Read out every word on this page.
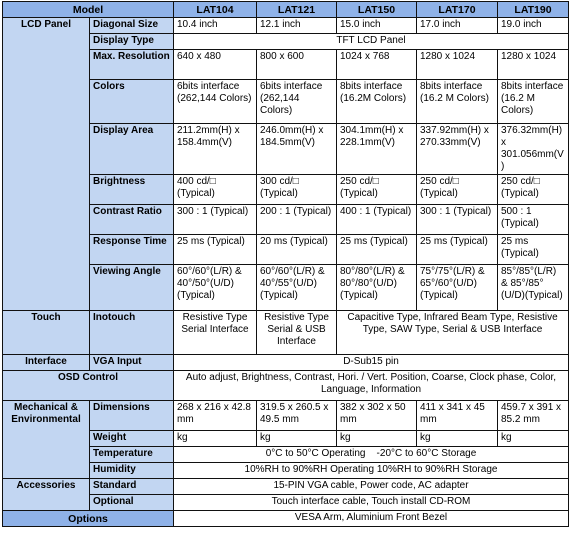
Model		LAT104	LAT121	LAT150	LAT170	LAT190
LCD Panel	Diagonal Size	10.4 inch	12.1 inch	15.0 inch	17.0 inch	19.0 inch
	Display Type	TFT LCD Panel				
	Max. Resolution	640 x 480	800 x 600	1024 x 768	1280 x 1024	1280 x 1024
	Colors	6bits interface (262,144 Colors)	6bits interface (262,144 Colors)	8bits interface (16.2M Colors)	8bits interface (16.2 M Colors)	8bits interface (16.2 M Colors)
	Display Area	211.2mm(H) x 158.4mm(V)	246.0mm(H) x 184.5mm(V)	304.1mm(H) x 228.1mm(V)	337.92mm(H) x 270.33mm(V)	376.32mm(H) x 301.056mm(V)
	Brightness	400 cd/□ (Typical)	300 cd/□ (Typical)	250 cd/□ (Typical)	250 cd/□ (Typical)	250 cd/□ (Typical)
	Contrast Ratio	300 : 1 (Typical)	200 : 1 (Typical)	400 : 1 (Typical)	300 : 1 (Typical)	500 : 1 (Typical)
	Response Time	25 ms (Typical)	20 ms (Typical)	25 ms (Typical)	25 ms (Typical)	25 ms (Typical)
	Viewing Angle	60°/60°(L/R) & 40°/50°(U/D)(Typical)	60°/60°(L/R) & 40°/55°(U/D)(Typical)	80°/80°(L/R) & 80°/80°(U/D)(Typical)	75°/75°(L/R) & 65°/60°(U/D)(Typical)	85°/85°(L/R) & 85°/85°(U/D)(Typical)
Touch	Inotouch	Resistive Type Serial Interface	Resistive Type Serial & USB Interface	Capacitive Type, Infrared Beam Type, Resistive Type, SAW Type, Serial & USB Interface		
Interface	VGA Input	D-Sub15 pin				
OSD Control		Auto adjust, Brightness, Contrast, Hori. / Vert. Position, Coarse, Clock phase, Color, Language, Information				
Mechanical & Environmental	Dimensions	268 x 216 x 42.8 mm	319.5 x 260.5 x 49.5 mm	382 x 302 x 50 mm	411 x 341 x 45 mm	459.7 x 391 x 85.2 mm
	Weight	kg	kg	kg	kg	kg
	Temperature	0°C to 50°C Operating    -20°C to 60°C Storage				
	Humidity	10%RH to 90%RH Operating 10%RH to 90%RH Storage				
Accessories	Standard	15-PIN VGA cable, Power code, AC adapter				
	Optional	Touch interface cable, Touch install CD-ROM				
Options		VESA Arm, Aluminium Front Bezel				
